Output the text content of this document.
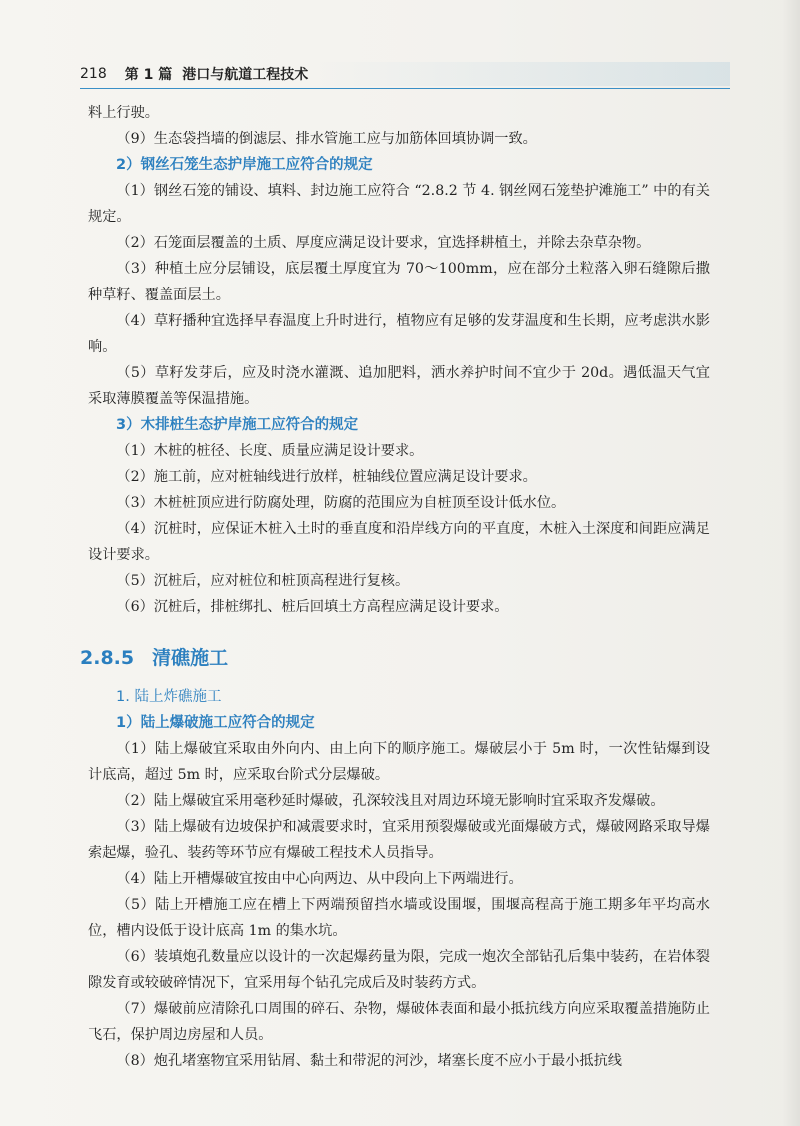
218 第 1 篇 港口与航道工程技术

料上行驶。

（9）生态袋挡墙的倒滤层、排水管施工应与加筋体回填协调一致。

2）钢丝石笼生态护岸施工应符合的规定

（1）钢丝石笼的铺设、填料、封边施工应符合 “2.8.2 节 4. 钢丝网石笼垫护滩施工” 中的有关规定。

（2）石笼面层覆盖的土质、厚度应满足设计要求，宜选择耕植土，并除去杂草杂物。

（3）种植土应分层铺设，底层覆土厚度宜为 70～100mm，应在部分土粒落入卵石缝隙后撒种草籽、覆盖面层土。

（4）草籽播种宜选择早春温度上升时进行，植物应有足够的发芽温度和生长期，应考虑洪水影响。

（5）草籽发芽后，应及时浇水灌溉、追加肥料，洒水养护时间不宜少于 20d。遇低温天气宜采取薄膜覆盖等保温措施。

3）木排桩生态护岸施工应符合的规定

（1）木桩的桩径、长度、质量应满足设计要求。

（2）施工前，应对桩轴线进行放样，桩轴线位置应满足设计要求。

（3）木桩桩顶应进行防腐处理，防腐的范围应为自桩顶至设计低水位。

（4）沉桩时，应保证木桩入土时的垂直度和沿岸线方向的平直度，木桩入土深度和间距应满足设计要求。

（5）沉桩后，应对桩位和桩顶高程进行复核。

（6）沉桩后，排桩绑扎、桩后回填土方高程应满足设计要求。

2.8.5 清礁施工

1. 陆上炸礁施工

1）陆上爆破施工应符合的规定

（1）陆上爆破宜采取由外向内、由上向下的顺序施工。爆破层小于 5m 时，一次性钻爆到设计底高，超过 5m 时，应采取台阶式分层爆破。

（2）陆上爆破宜采用毫秒延时爆破，孔深较浅且对周边环境无影响时宜采取齐发爆破。

（3）陆上爆破有边坡保护和减震要求时，宜采用预裂爆破或光面爆破方式，爆破网路采取导爆索起爆，验孔、装药等环节应有爆破工程技术人员指导。

（4）陆上开槽爆破宜按由中心向两边、从中段向上下两端进行。

（5）陆上开槽施工应在槽上下两端预留挡水墙或设围堰，围堰高程高于施工期多年平均高水位，槽内设低于设计底高 1m 的集水坑。

（6）装填炮孔数量应以设计的一次起爆药量为限，完成一炮次全部钻孔后集中装药，在岩体裂隙发育或较破碎情况下，宜采用每个钻孔完成后及时装药方式。

（7）爆破前应清除孔口周围的碎石、杂物，爆破体表面和最小抵抗线方向应采取覆盖措施防止飞石，保护周边房屋和人员。

（8）炮孔堵塞物宜采用钻屑、黏土和带泥的河沙，堵塞长度不应小于最小抵抗线
